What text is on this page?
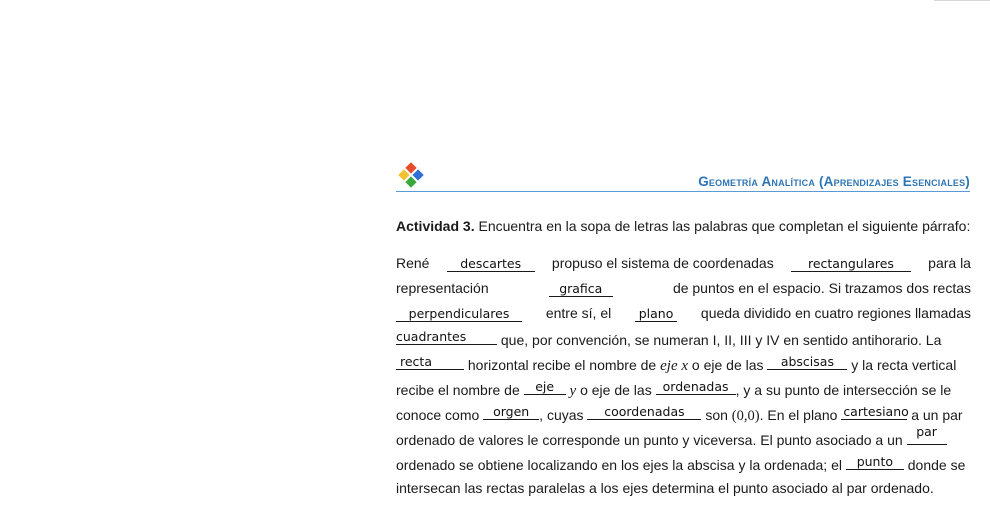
Geometría Analítica (Aprendizajes Esenciales)
Actividad 3. Encuentra en la sopa de letras las palabras que completan el siguiente párrafo:
René	descartes	propuso el sistema de coordenadas	rectangulares	para la
representación	grafica	de puntos en el espacio. Si trazamos dos rectas
perpendiculares	entre sí, el plano queda dividido en cuatro regiones llamadas
cuadrantes	que, por convención, se numeran I, II, III y IV en sentido antihorario. La
recta	horizontal recibe el nombre de eje x o eje de las	abscisas	y la recta vertical
recibe el nombre de	eje	y o eje de las ordenadas , y a su punto de intersección se le
conoce como	orgen , cuyas	coordenadas	son (0,0). En el plano cartesiano a un par
ordenado de valores le corresponde un punto y viceversa. El punto asociado a un
par
ordenado se obtiene localizando en los ejes la abscisa y la ordenada; el	punto	donde se
intersecan las rectas paralelas a los ejes determina el punto asociado al par ordenado.
